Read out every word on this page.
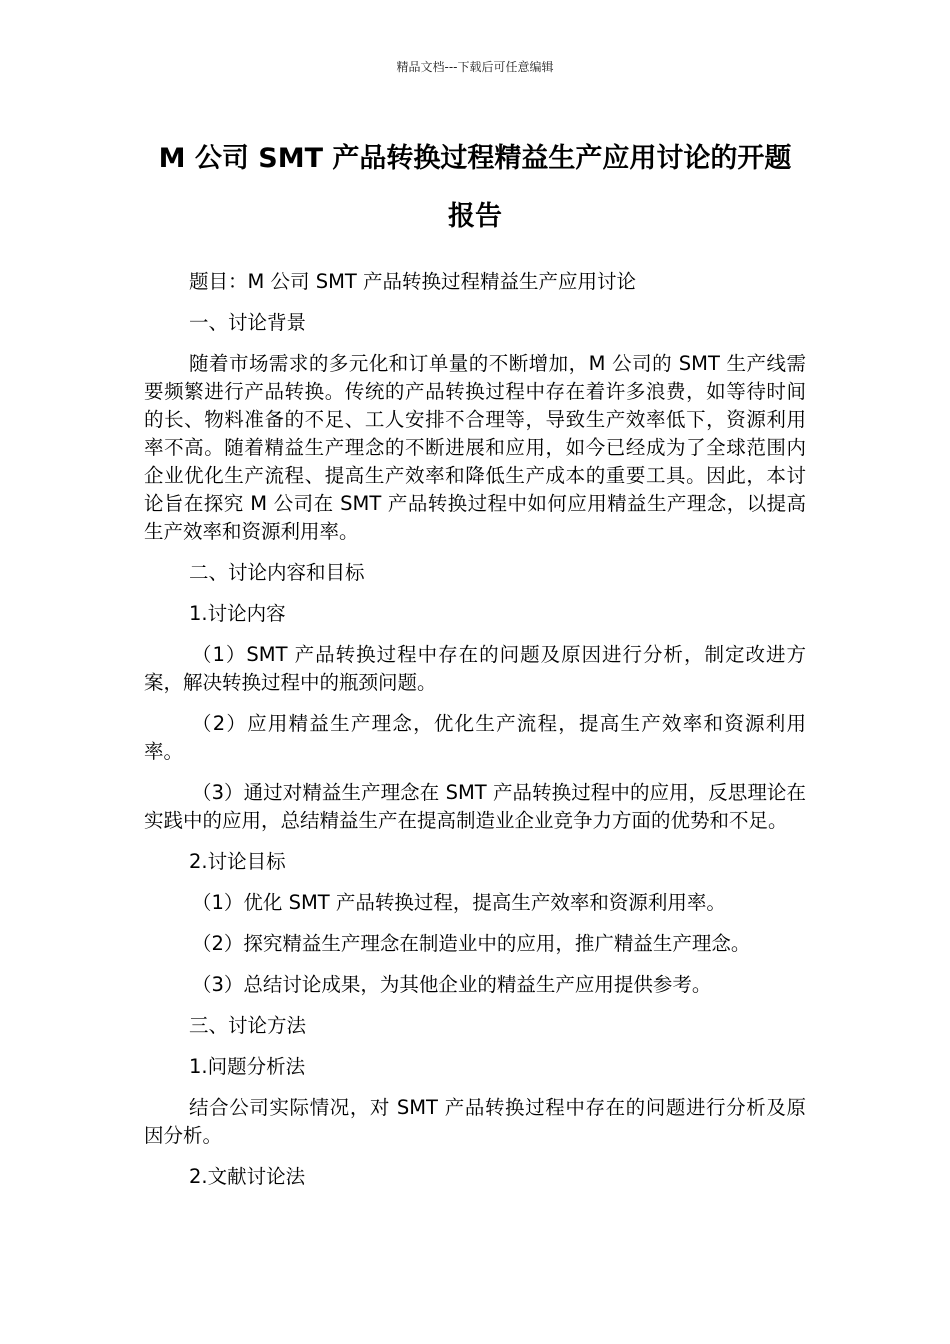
精品文档---下载后可任意编辑
M 公司 SMT 产品转换过程精益生产应用讨论的开题
报告

题目：M 公司 SMT 产品转换过程精益生产应用讨论

一、讨论背景

随着市场需求的多元化和订单量的不断增加，M 公司的 SMT 生产线需要频繁进行产品转换。传统的产品转换过程中存在着许多浪费，如等待时间的长、物料准备的不足、工人安排不合理等，导致生产效率低下，资源利用率不高。随着精益生产理念的不断进展和应用，如今已经成为了全球范围内企业优化生产流程、提高生产效率和降低生产成本的重要工具。因此，本讨论旨在探究 M 公司在 SMT 产品转换过程中如何应用精益生产理念，以提高生产效率和资源利用率。

二、讨论内容和目标

1.讨论内容

（1）SMT 产品转换过程中存在的问题及原因进行分析，制定改进方案，解决转换过程中的瓶颈问题。

（2）应用精益生产理念，优化生产流程，提高生产效率和资源利用率。

（3）通过对精益生产理念在 SMT 产品转换过程中的应用，反思理论在实践中的应用，总结精益生产在提高制造业企业竞争力方面的优势和不足。

2.讨论目标

（1）优化 SMT 产品转换过程，提高生产效率和资源利用率。

（2）探究精益生产理念在制造业中的应用，推广精益生产理念。

（3）总结讨论成果，为其他企业的精益生产应用提供参考。

三、讨论方法

1.问题分析法

结合公司实际情况，对 SMT 产品转换过程中存在的问题进行分析及原因分析。

2.文献讨论法
